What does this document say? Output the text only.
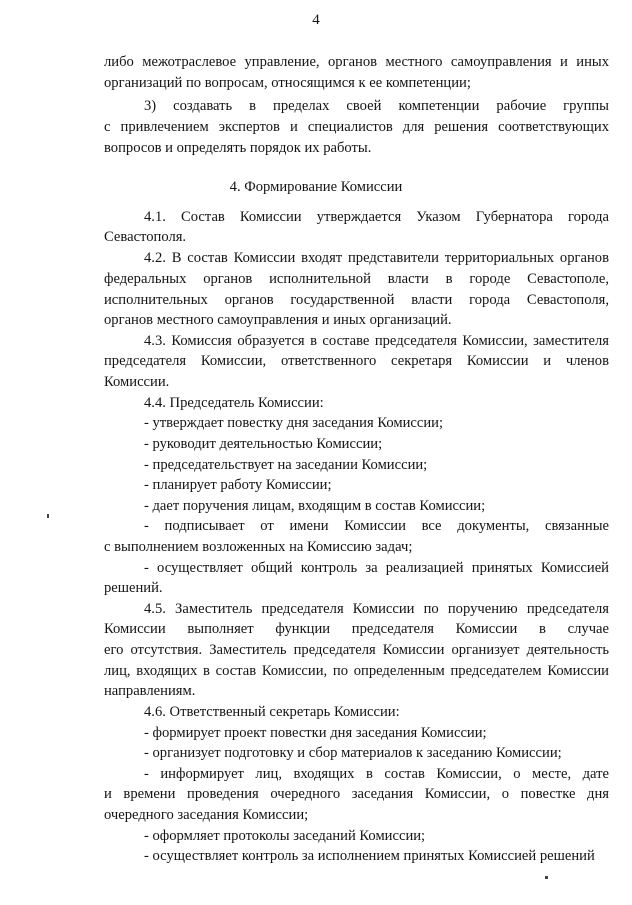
4
либо межотраслевое управление, органов местного самоуправления и иных
организаций по вопросам, относящимся к ее компетенции;
3) создавать в пределах своей компетенции рабочие группы
с привлечением экспертов и специалистов для решения соответствующих
вопросов и определять порядок их работы.
4. Формирование Комиссии
4.1. Состав Комиссии утверждается Указом Губернатора города
Севастополя.
4.2. В состав Комиссии входят представители территориальных органов
федеральных органов исполнительной власти в городе Севастополе,
исполнительных органов государственной власти города Севастополя,
органов местного самоуправления и иных организаций.
4.3. Комиссия образуется в составе председателя Комиссии, заместителя
председателя Комиссии, ответственного секретаря Комиссии и членов
Комиссии.
4.4. Председатель Комиссии:
- утверждает повестку дня заседания Комиссии;
- руководит деятельностью Комиссии;
- председательствует на заседании Комиссии;
- планирует работу Комиссии;
- дает поручения лицам, входящим в состав Комиссии;
- подписывает от имени Комиссии все документы, связанные
с выполнением возложенных на Комиссию задач;
- осуществляет общий контроль за реализацией принятых Комиссией
решений.
4.5. Заместитель председателя Комиссии по поручению председателя
Комиссии выполняет функции председателя Комиссии в случае
его отсутствия. Заместитель председателя Комиссии организует деятельность
лиц, входящих в состав Комиссии, по определенным председателем Комиссии
направлениям.
4.6. Ответственный секретарь Комиссии:
- формирует проект повестки дня заседания Комиссии;
- организует подготовку и сбор материалов к заседанию Комиссии;
- информирует лиц, входящих в состав Комиссии, о месте, дате
и времени проведения очередного заседания Комиссии, о повестке дня
очередного заседания Комиссии;
- оформляет протоколы заседаний Комиссии;
- осуществляет контроль за исполнением принятых Комиссией решений
